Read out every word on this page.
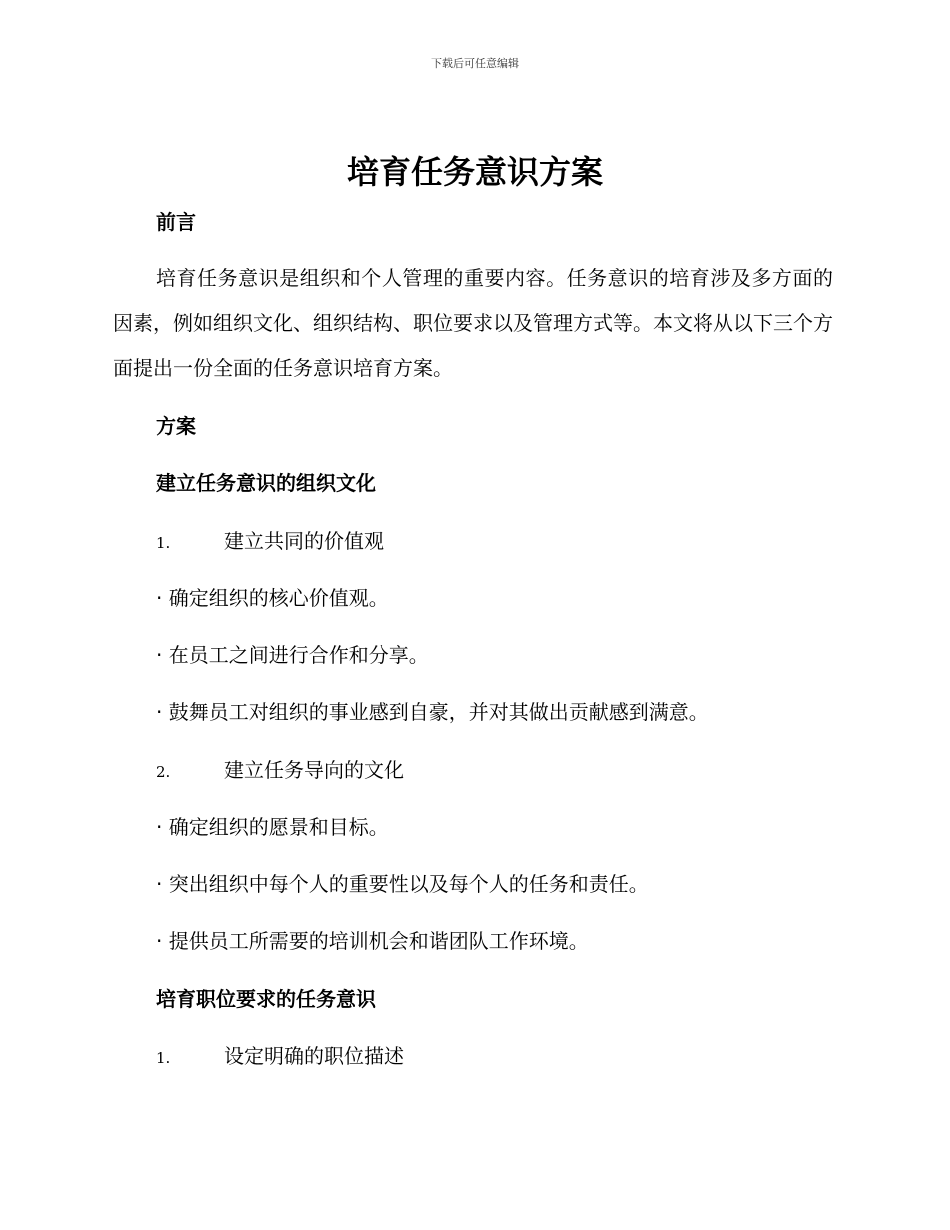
下载后可任意编辑
培育任务意识方案
前言

培育任务意识是组织和个人管理的重要内容。任务意识的培育涉及多方面的因素，例如组织文化、组织结构、职位要求以及管理方式等。本文将从以下三个方面提出一份全面的任务意识培育方案。

方案
建立任务意识的组织文化
1.	建立共同的价值观
· 确定组织的核心价值观。
· 在员工之间进行合作和分享。
· 鼓舞员工对组织的事业感到自豪，并对其做出贡献感到满意。
2.	建立任务导向的文化
· 确定组织的愿景和目标。
· 突出组织中每个人的重要性以及每个人的任务和责任。
· 提供员工所需要的培训机会和谐团队工作环境。
培育职位要求的任务意识
1.	设定明确的职位描述
